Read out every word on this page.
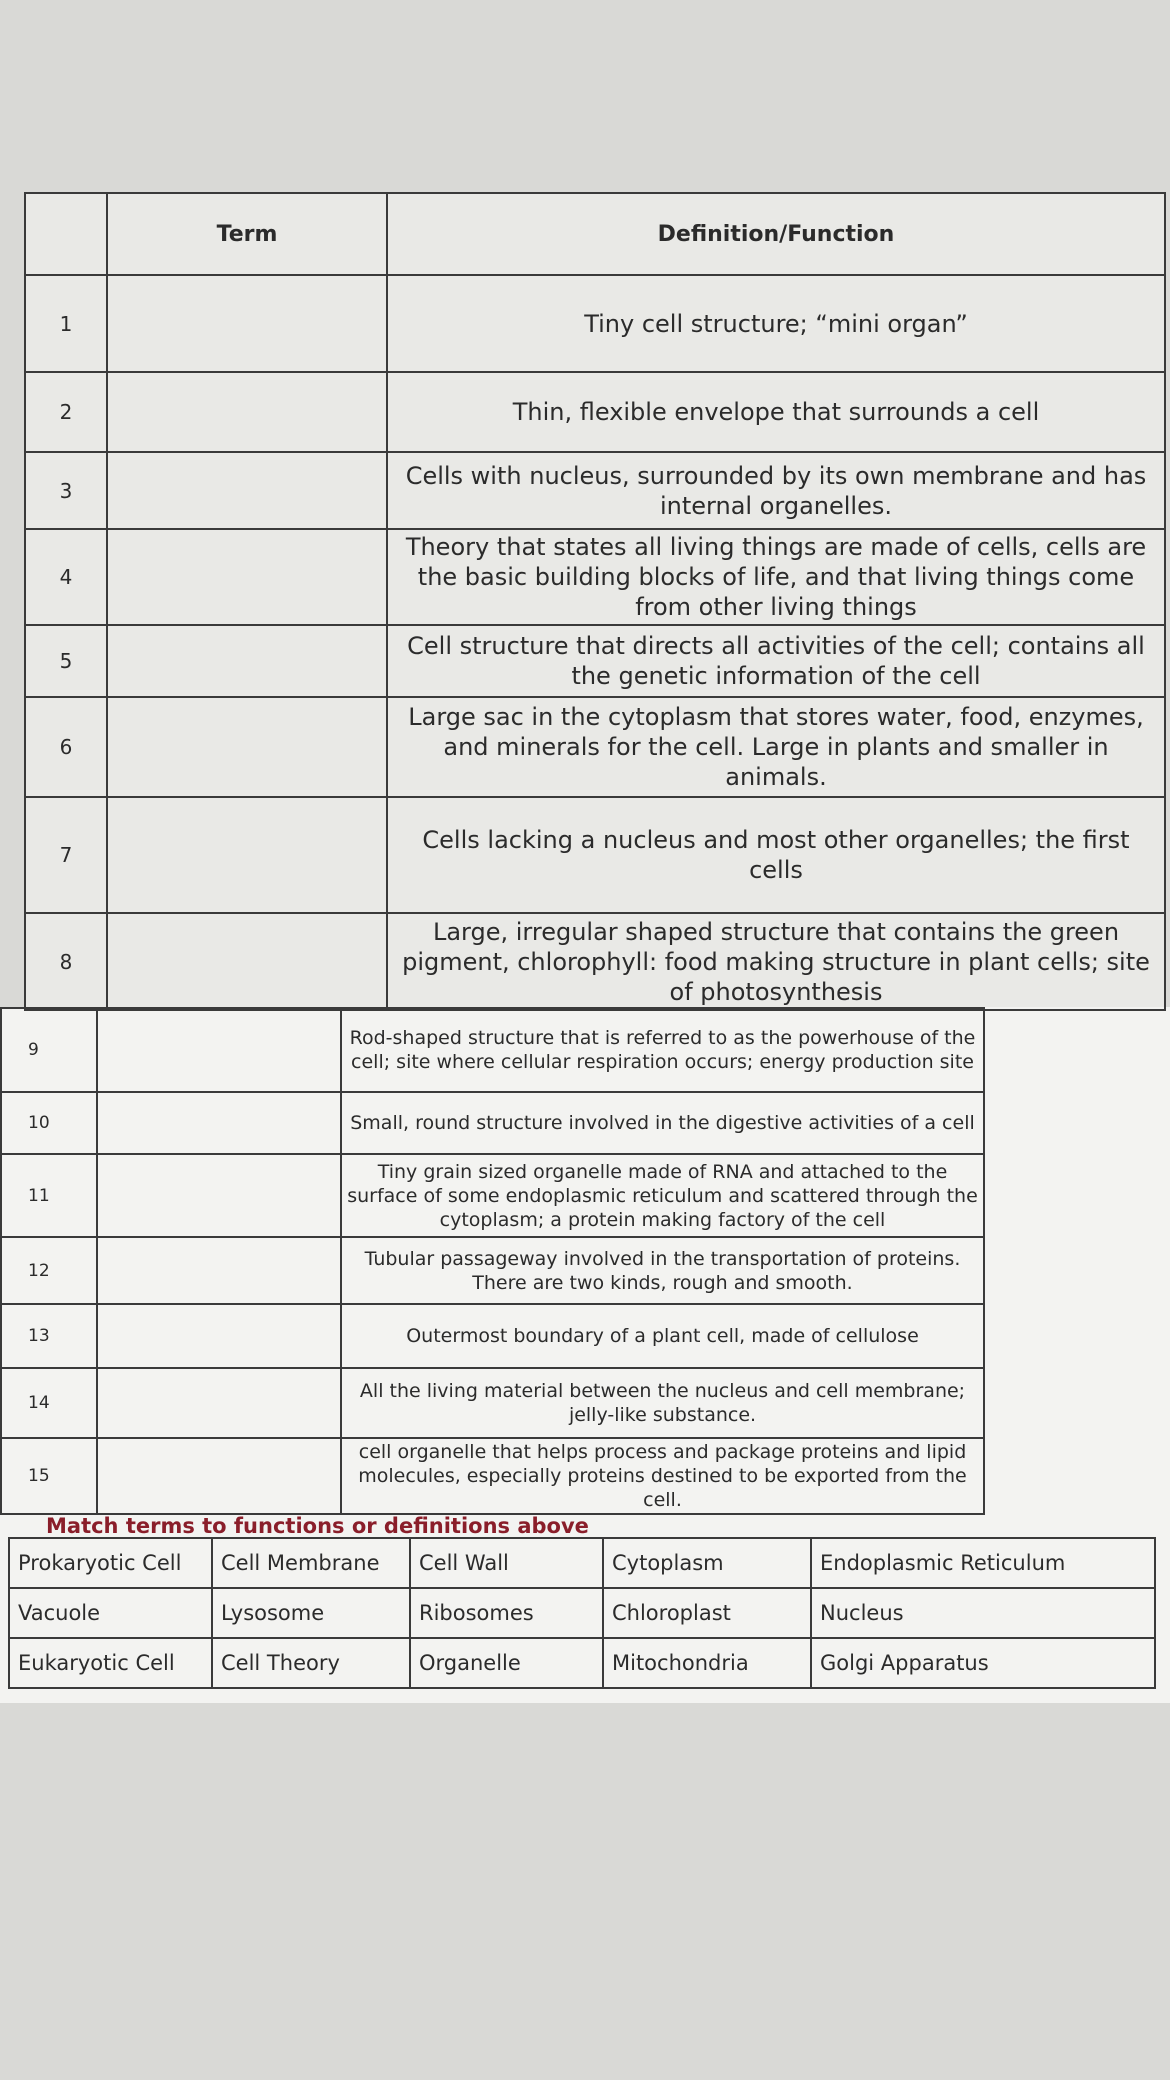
	Term	Definition/Function
1		Tiny cell structure; “mini organ”
2		Thin, flexible envelope that surrounds a cell
3		Cells with nucleus, surrounded by its own membrane and has internal organelles.
4		Theory that states all living things are made of cells, cells are the basic building blocks of life, and that living things come from other living things
5		Cell structure that directs all activities of the cell; contains all the genetic information of the cell
6		Large sac in the cytoplasm that stores water, food, enzymes, and minerals for the cell. Large in plants and smaller in animals.
7		Cells lacking a nucleus and most other organelles; the first cells
8		Large, irregular shaped structure that contains the green pigment, chlorophyll: food making structure in plant cells; site of photosynthesis
9		Rod-shaped structure that is referred to as the powerhouse of the cell; site where cellular respiration occurs; energy production site
10		Small, round structure involved in the digestive activities of a cell
11		Tiny grain sized organelle made of RNA and attached to the surface of some endoplasmic reticulum and scattered through the cytoplasm; a protein making factory of the cell
12		Tubular passageway involved in the transportation of proteins. There are two kinds, rough and smooth.
13		Outermost boundary of a plant cell, made of cellulose
14		All the living material between the nucleus and cell membrane; jelly-like substance.
15		cell organelle that helps process and package proteins and lipid molecules, especially proteins destined to be exported from the cell.
Match terms to functions or definitions above
Prokaryotic Cell	Cell Membrane	Cell Wall	Cytoplasm	Endoplasmic Reticulum
Vacuole	Lysosome	Ribosomes	Chloroplast	Nucleus
Eukaryotic Cell	Cell Theory	Organelle	Mitochondria	Golgi Apparatus
